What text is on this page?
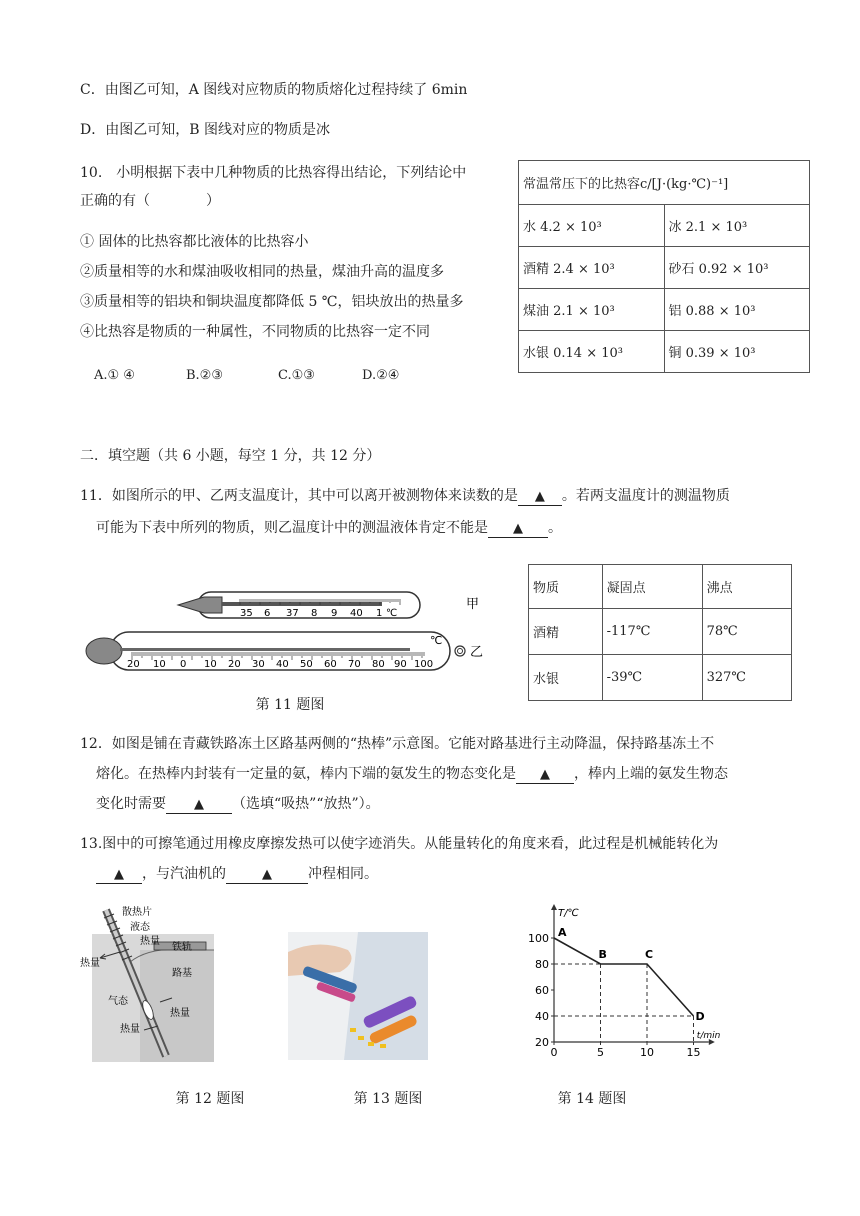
C．由图乙可知，A 图线对应物质的物质熔化过程持续了 6min
D．由图乙可知，B 图线对应的物质是冰
10.　小明根据下表中几种物质的比热容得出结论，下列结论中
正确的有（　　　　）
① 固体的比热容都比液体的比热容小
②质量相等的水和煤油吸收相同的热量，煤油升高的温度多
③质量相等的铝块和铜块温度都降低 5 ℃，铝块放出的热量多
④比热容是物质的一种属性，不同物质的比热容一定不同
A.① ④	B.②③	C.①③	D.②④
常温常压下的比热容c/[J·(kg·℃)⁻¹]	
水 4.2 × 10³	冰 2.1 × 10³
酒精 2.4 × 10³	砂石 0.92 × 10³
煤油 2.1 × 10³	铝 0.88 × 10³
水银 0.14 × 10³	铜 0.39 × 10³
二．填空题（共 6 小题，每空 1 分，共 12 分）
11．如图所示的甲、乙两支温度计，其中可以离开被测物体来读数的是 ▲ 。若两支温度计的测温物质
可能为下表中所列的物质，则乙温度计中的测温液体肯定不能是 ▲ 。
35 6 37 8 9 40 1 ℃
甲
20 10 0 10 20 30 40 50 60 70 80 90 100
℃
乙
第 11 题图
物质	凝固点	沸点
酒精	-117℃	78℃
水银	-39℃	327℃
12．如图是铺在青藏铁路冻土区路基两侧的“热棒”示意图。它能对路基进行主动降温，保持路基冻土不
熔化。在热棒内封装有一定量的氨，棒内下端的氨发生的物态变化是 ▲ ，棒内上端的氨发生物态
变化时需要 ▲ （选填“吸热”“放热”）。
13.图中的可擦笔通过用橡皮摩擦发热可以使字迹消失。从能量转化的角度来看，此过程是机械能转化为
▲ ，与汽油机的	▲	冲程相同。
散热片
液态
热量
热量
铁轨
路基
气态
热量
热量
第 12 题图	第 13 题图
20
40
60
80
100
0	5	10	15
A
B	C
D
T/℃
t/min
第 14 题图
